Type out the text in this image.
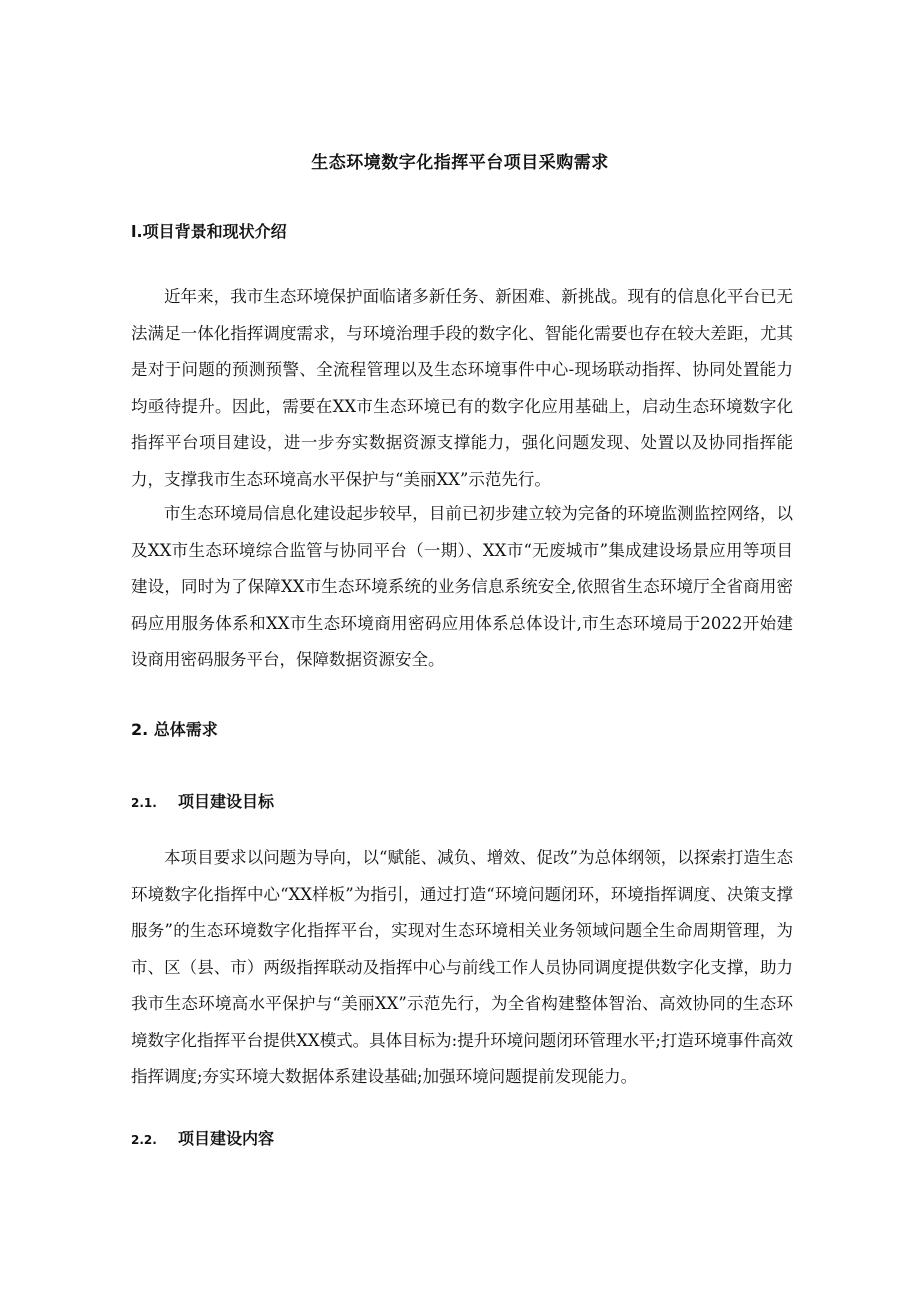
生态环境数字化指挥平台项目采购需求
l.项目背景和现状介绍

近年来，我市生态环境保护面临诸多新任务、新困难、新挑战。现有的信息化平台已无法满足一体化指挥调度需求，与环境治理手段的数字化、智能化需要也存在较大差距，尤其是对于问题的预测预警、全流程管理以及生态环境事件中心-现场联动指挥、协同处置能力均亟待提升。因此，需要在XX市生态环境已有的数字化应用基础上，启动生态环境数字化指挥平台项目建设，进一步夯实数据资源支撑能力，强化问题发现、处置以及协同指挥能力，支撑我市生态环境高水平保护与“美丽XX”示范先行。

市生态环境局信息化建设起步较早，目前已初步建立较为完备的环境监测监控网络，以及XX市生态环境综合监管与协同平台（一期）、XX市“无废城市”集成建设场景应用等项目建设，同时为了保障XX市生态环境系统的业务信息系统安全,依照省生态环境厅全省商用密码应用服务体系和XX市生态环境商用密码应用体系总体设计,市生态环境局于2022开始建设商用密码服务平台，保障数据资源安全。

2. 总体需求
2.1. 项目建设目标

本项目要求以问题为导向，以“赋能、减负、增效、促改”为总体纲领，以探索打造生态环境数字化指挥中心“XX样板”为指引，通过打造“环境问题闭环，环境指挥调度、决策支撑服务”的生态环境数字化指挥平台，实现对生态环境相关业务领域问题全生命周期管理，为市、区（县、市）两级指挥联动及指挥中心与前线工作人员协同调度提供数字化支撑，助力我市生态环境高水平保护与“美丽XX”示范先行，为全省构建整体智治、高效协同的生态环境数字化指挥平台提供XX模式。具体目标为:提升环境问题闭环管理水平;打造环境事件高效指挥调度;夯实环境大数据体系建设基础;加强环境问题提前发现能力。

2.2. 项目建设内容
